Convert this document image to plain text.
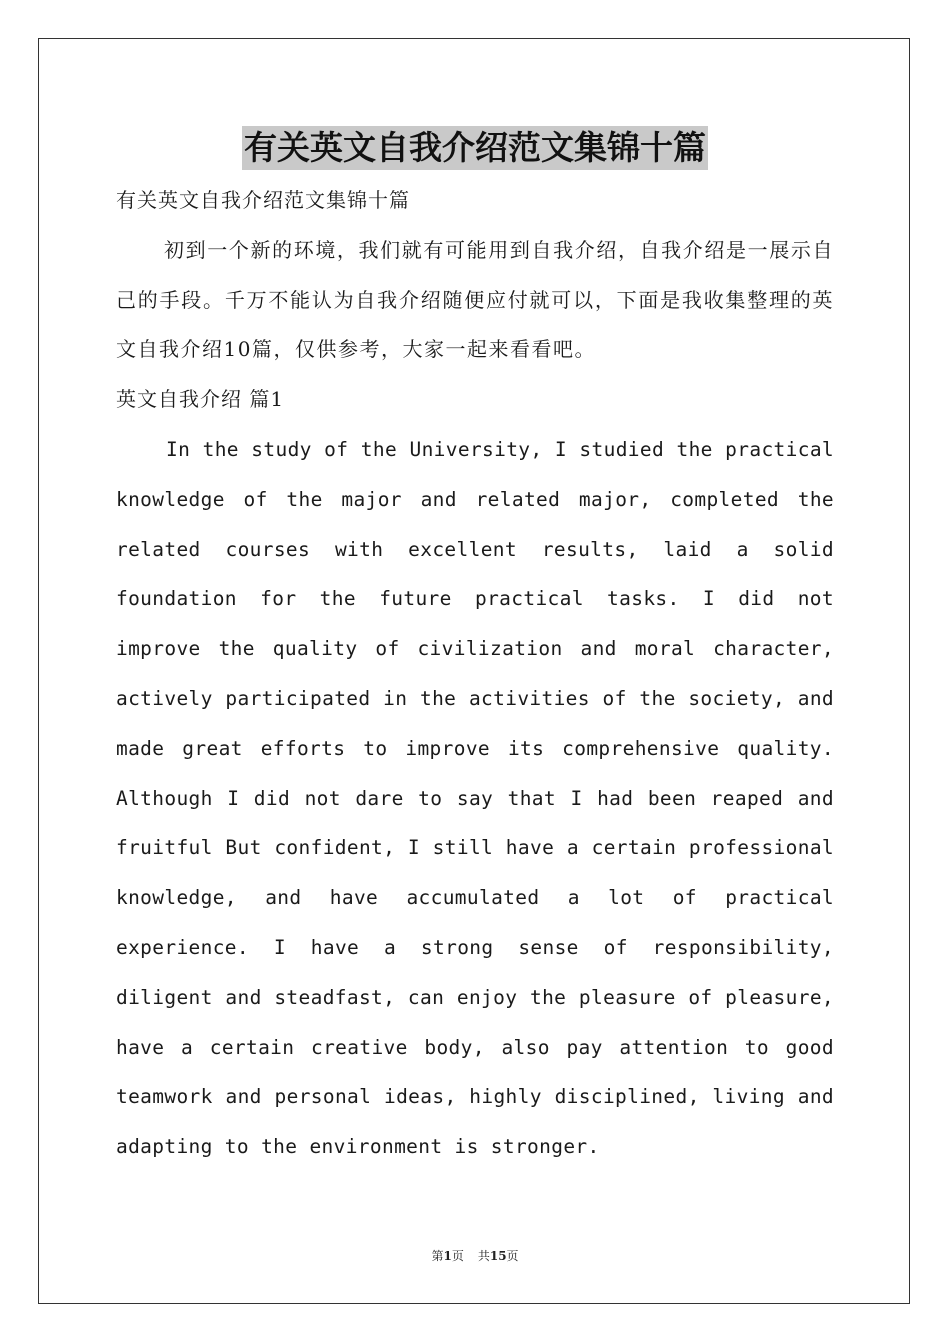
有关英文自我介绍范文集锦十篇

有关英文自我介绍范文集锦十篇

初到一个新的环境，我们就有可能用到自我介绍，自我介绍是一展示自己的手段。千万不能认为自我介绍随便应付就可以，下面是我收集整理的英文自我介绍10篇，仅供参考，大家一起来看看吧。

英文自我介绍 篇1

In the study of the University, I studied the practical knowledge of the major and related major, completed the related courses with excellent results, laid a solid foundation for the future practical tasks. I did not improve the quality of civilization and moral character, actively participated in the activities of the society, and made great efforts to improve its comprehensive quality. Although I did not dare to say that I had been reaped and fruitful But confident, I still have a certain professional knowledge, and have accumulated a lot of practical experience. I have a strong sense of responsibility, diligent and steadfast, can enjoy the pleasure of pleasure, have a certain creative body, also pay attention to good teamwork and personal ideas, highly disciplined, living and adapting to the environment is stronger.

第1页 共15页
